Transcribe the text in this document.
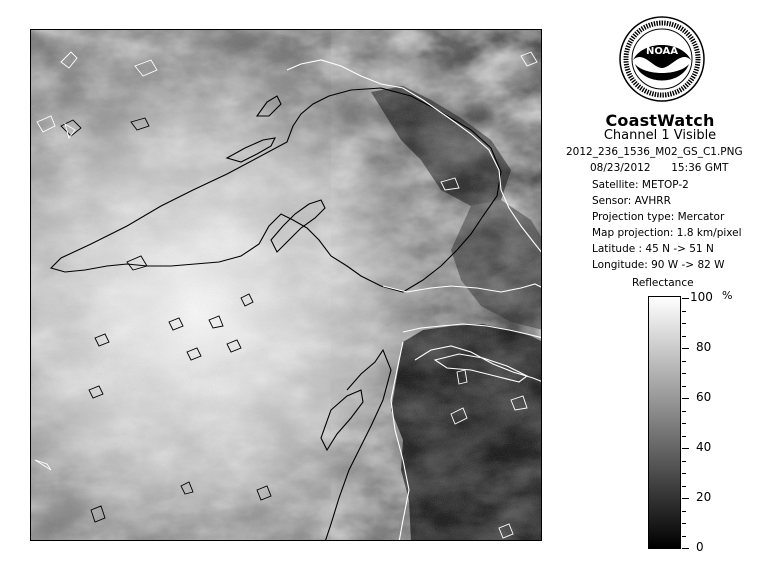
NOAA
CoastWatch
Channel 1 Visible
2012_236_1536_M02_GS_C1.PNG
08/23/2012 15:36 GMT
Satellite: METOP-2
Sensor: AVHRR
Projection type: Mercator
Map projection: 1.8 km/pixel
Latitude : 45 N -> 51 N
Longitude: 90 W -> 82 W
Reflectance
%
100
80
60
40
20
0
